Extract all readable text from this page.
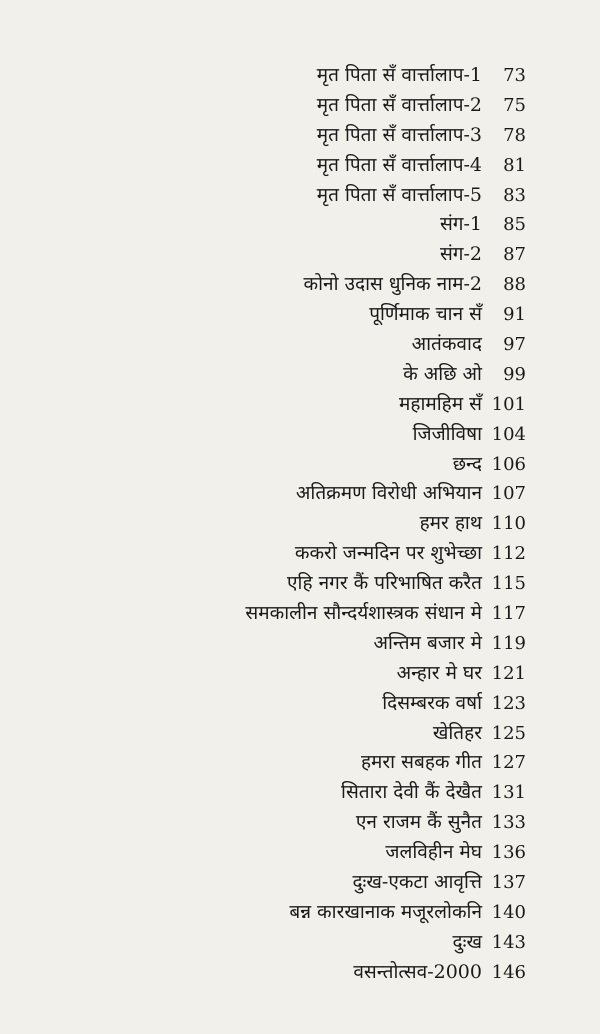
मृत पिता सँ वार्त्तालाप-1	73
मृत पिता सँ वार्त्तालाप-2	75
मृत पिता सँ वार्त्तालाप-3	78
मृत पिता सँ वार्त्तालाप-4	81
मृत पिता सँ वार्त्तालाप-5	83
संग-1	85
संग-2	87
कोनो उदास धुनिक नाम-2	88
पूर्णिमाक चान सँ	91
आतंकवाद	97
के अछि ओ	99
महामहिम सँ 101
जिजीविषा 104
छन्द 106
अतिक्रमण विरोधी अभियान 107
हमर हाथ 110
ककरो जन्मदिन पर शुभेच्छा 112
एहि नगर कैं परिभाषित करैत 115
समकालीन सौन्दर्यशास्त्रक संधान मे 117
अन्तिम बजार मे 119
अन्हार मे घर 121
दिसम्बरक वर्षा 123
खेतिहर 125
हमरा सबहक गीत 127
सितारा देवी कैं देखैत 131
एन राजम कैं सुनैत 133
जलविहीन मेघ 136
दुःख-एकटा आवृत्ति 137
बन्न कारखानाक मजूरलोकनि 140
दुःख 143
वसन्तोत्सव-2000 146
